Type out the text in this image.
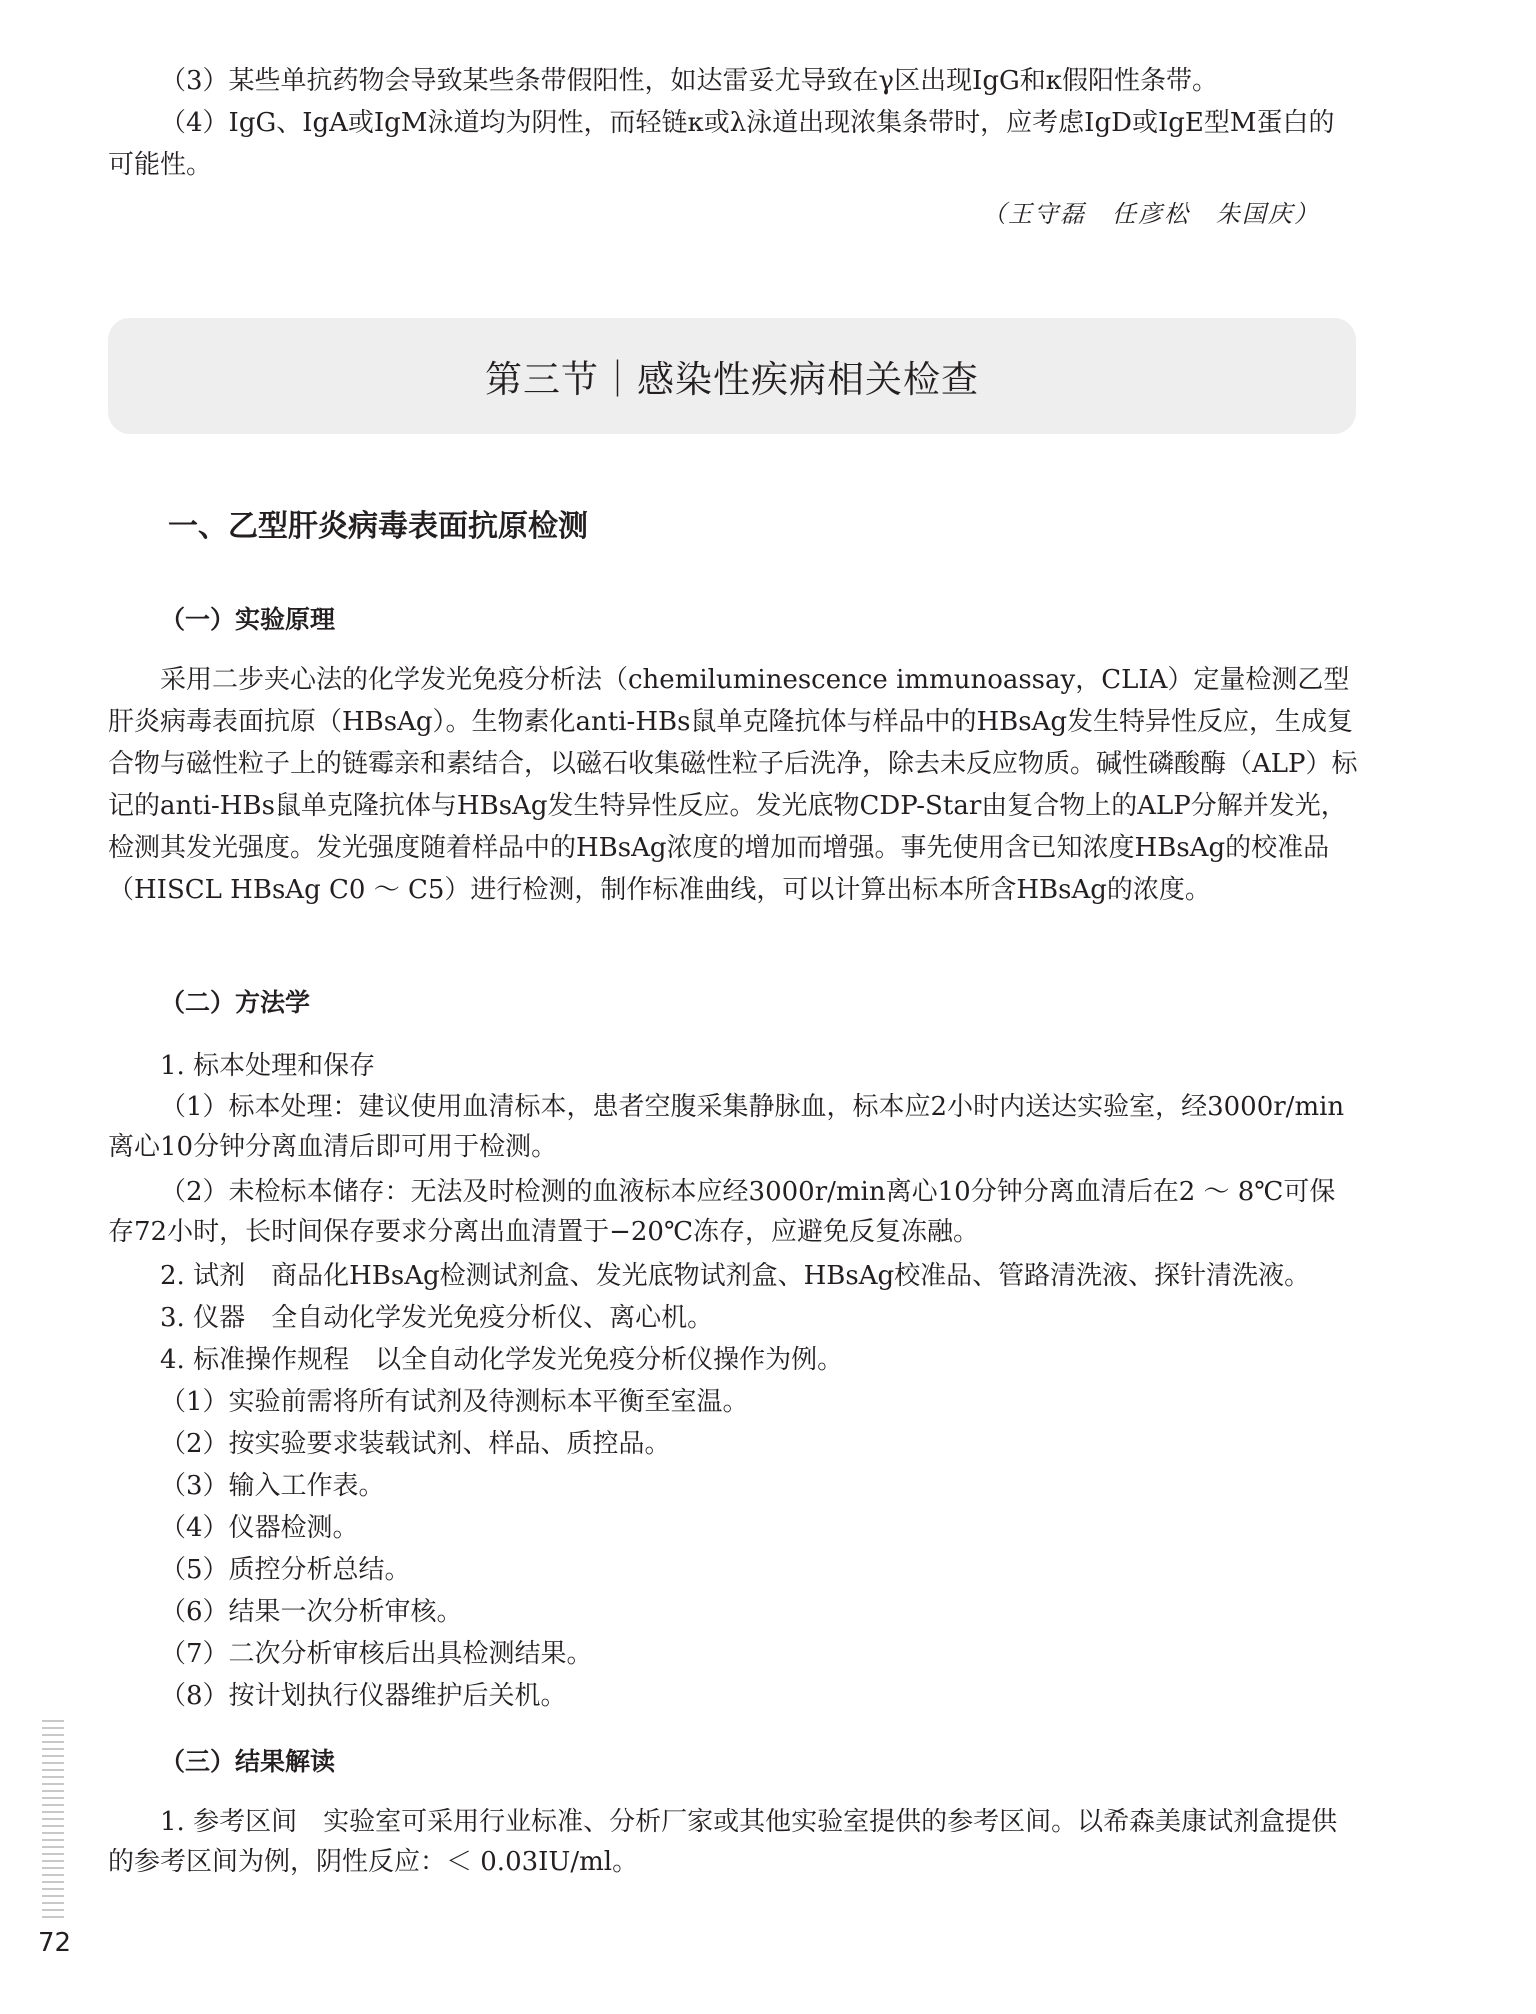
（3）某些单抗药物会导致某些条带假阳性，如达雷妥尤导致在γ区出现IgG和κ假阳性条带。

（4）IgG、IgA或IgM泳道均为阴性，而轻链κ或λ泳道出现浓集条带时，应考虑IgD或IgE型M蛋白的可能性。

（王守磊　任彦松　朱国庆）
第三节｜感染性疾病相关检查
一、乙型肝炎病毒表面抗原检测
（一）实验原理

采用二步夹心法的化学发光免疫分析法（chemiluminescence immunoassay，CLIA）定量检测乙型肝炎病毒表面抗原（HBsAg）。生物素化anti-HBs鼠单克隆抗体与样品中的HBsAg发生特异性反应，生成复合物与磁性粒子上的链霉亲和素结合，以磁石收集磁性粒子后洗净，除去未反应物质。碱性磷酸酶（ALP）标记的anti-HBs鼠单克隆抗体与HBsAg发生特异性反应。发光底物CDP-Star由复合物上的ALP分解并发光，检测其发光强度。发光强度随着样品中的HBsAg浓度的增加而增强。事先使用含已知浓度HBsAg的校准品（HISCL HBsAg C0 ～ C5）进行检测，制作标准曲线，可以计算出标本所含HBsAg的浓度。

（二）方法学

1. 标本处理和保存

（1）标本处理：建议使用血清标本，患者空腹采集静脉血，标本应2小时内送达实验室，经3000r/min离心10分钟分离血清后即可用于检测。

（2）未检标本储存：无法及时检测的血液标本应经3000r/min离心10分钟分离血清后在2 ～ 8℃可保存72小时，长时间保存要求分离出血清置于−20℃冻存，应避免反复冻融。

2. 试剂　商品化HBsAg检测试剂盒、发光底物试剂盒、HBsAg校准品、管路清洗液、探针清洗液。

3. 仪器　全自动化学发光免疫分析仪、离心机。

4. 标准操作规程　以全自动化学发光免疫分析仪操作为例。

（1）实验前需将所有试剂及待测标本平衡至室温。

（2）按实验要求装载试剂、样品、质控品。

（3）输入工作表。

（4）仪器检测。

（5）质控分析总结。

（6）结果一次分析审核。

（7）二次分析审核后出具检测结果。

（8）按计划执行仪器维护后关机。

（三）结果解读

1. 参考区间　实验室可采用行业标准、分析厂家或其他实验室提供的参考区间。以希森美康试剂盒提供的参考区间为例，阴性反应：＜ 0.03IU/ml。

72
